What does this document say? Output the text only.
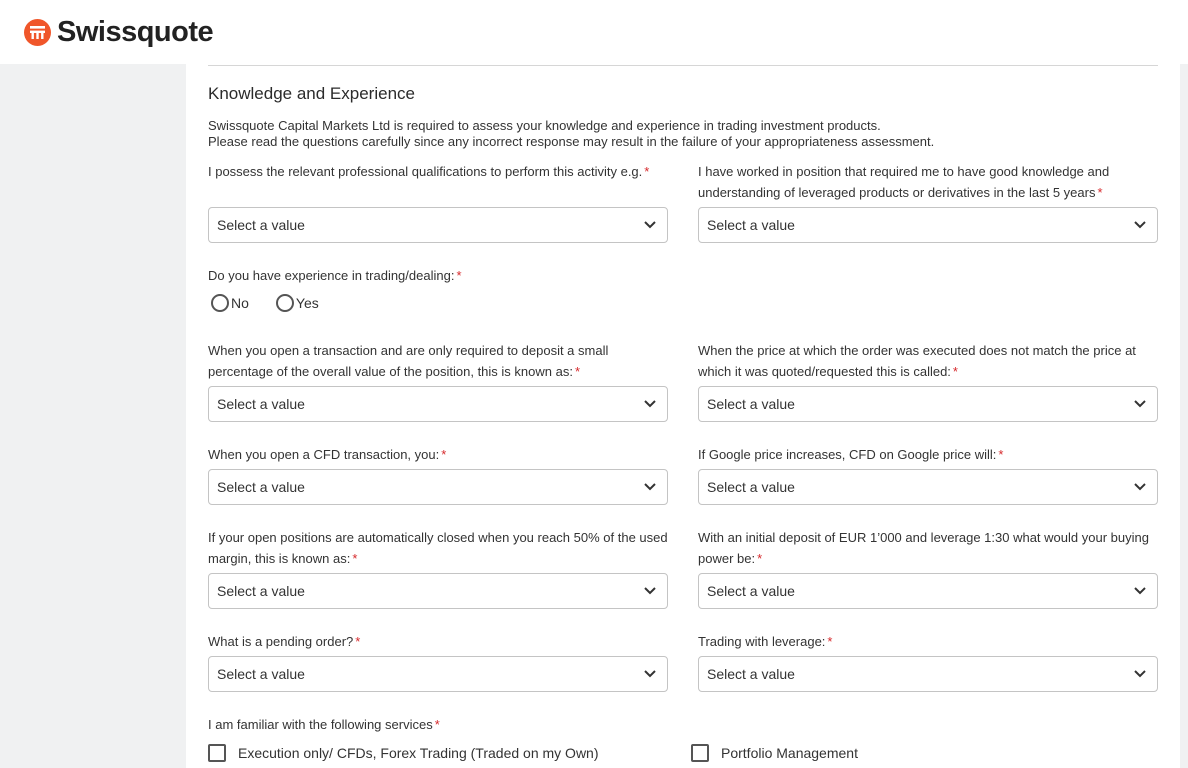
Swissquote
Knowledge and Experience
Swissquote Capital Markets Ltd is required to assess your knowledge and experience in trading investment products.
Please read the questions carefully since any incorrect response may result in the failure of your appropriateness assessment.
I possess the relevant professional qualifications to perform this activity e.g. *
Select a value
I have worked in position that required me to have good knowledge and understanding of leveraged products or derivatives in the last 5 years *
Select a value
Do you have experience in trading/dealing: *
No	Yes
When you open a transaction and are only required to deposit a small percentage of the overall value of the position, this is known as: *
Select a value
When the price at which the order was executed does not match the price at which it was quoted/requested this is called: *
Select a value
When you open a CFD transaction, you: *
Select a value
If Google price increases, CFD on Google price will: *
Select a value
If your open positions are automatically closed when you reach 50% of the used margin, this is known as: *
Select a value
With an initial deposit of EUR 1’000 and leverage 1:30 what would your buying power be: *
Select a value
What is a pending order? *
Select a value
Trading with leverage: *
Select a value
I am familiar with the following services *
Execution only/ CFDs, Forex Trading (Traded on my Own)	Portfolio Management
